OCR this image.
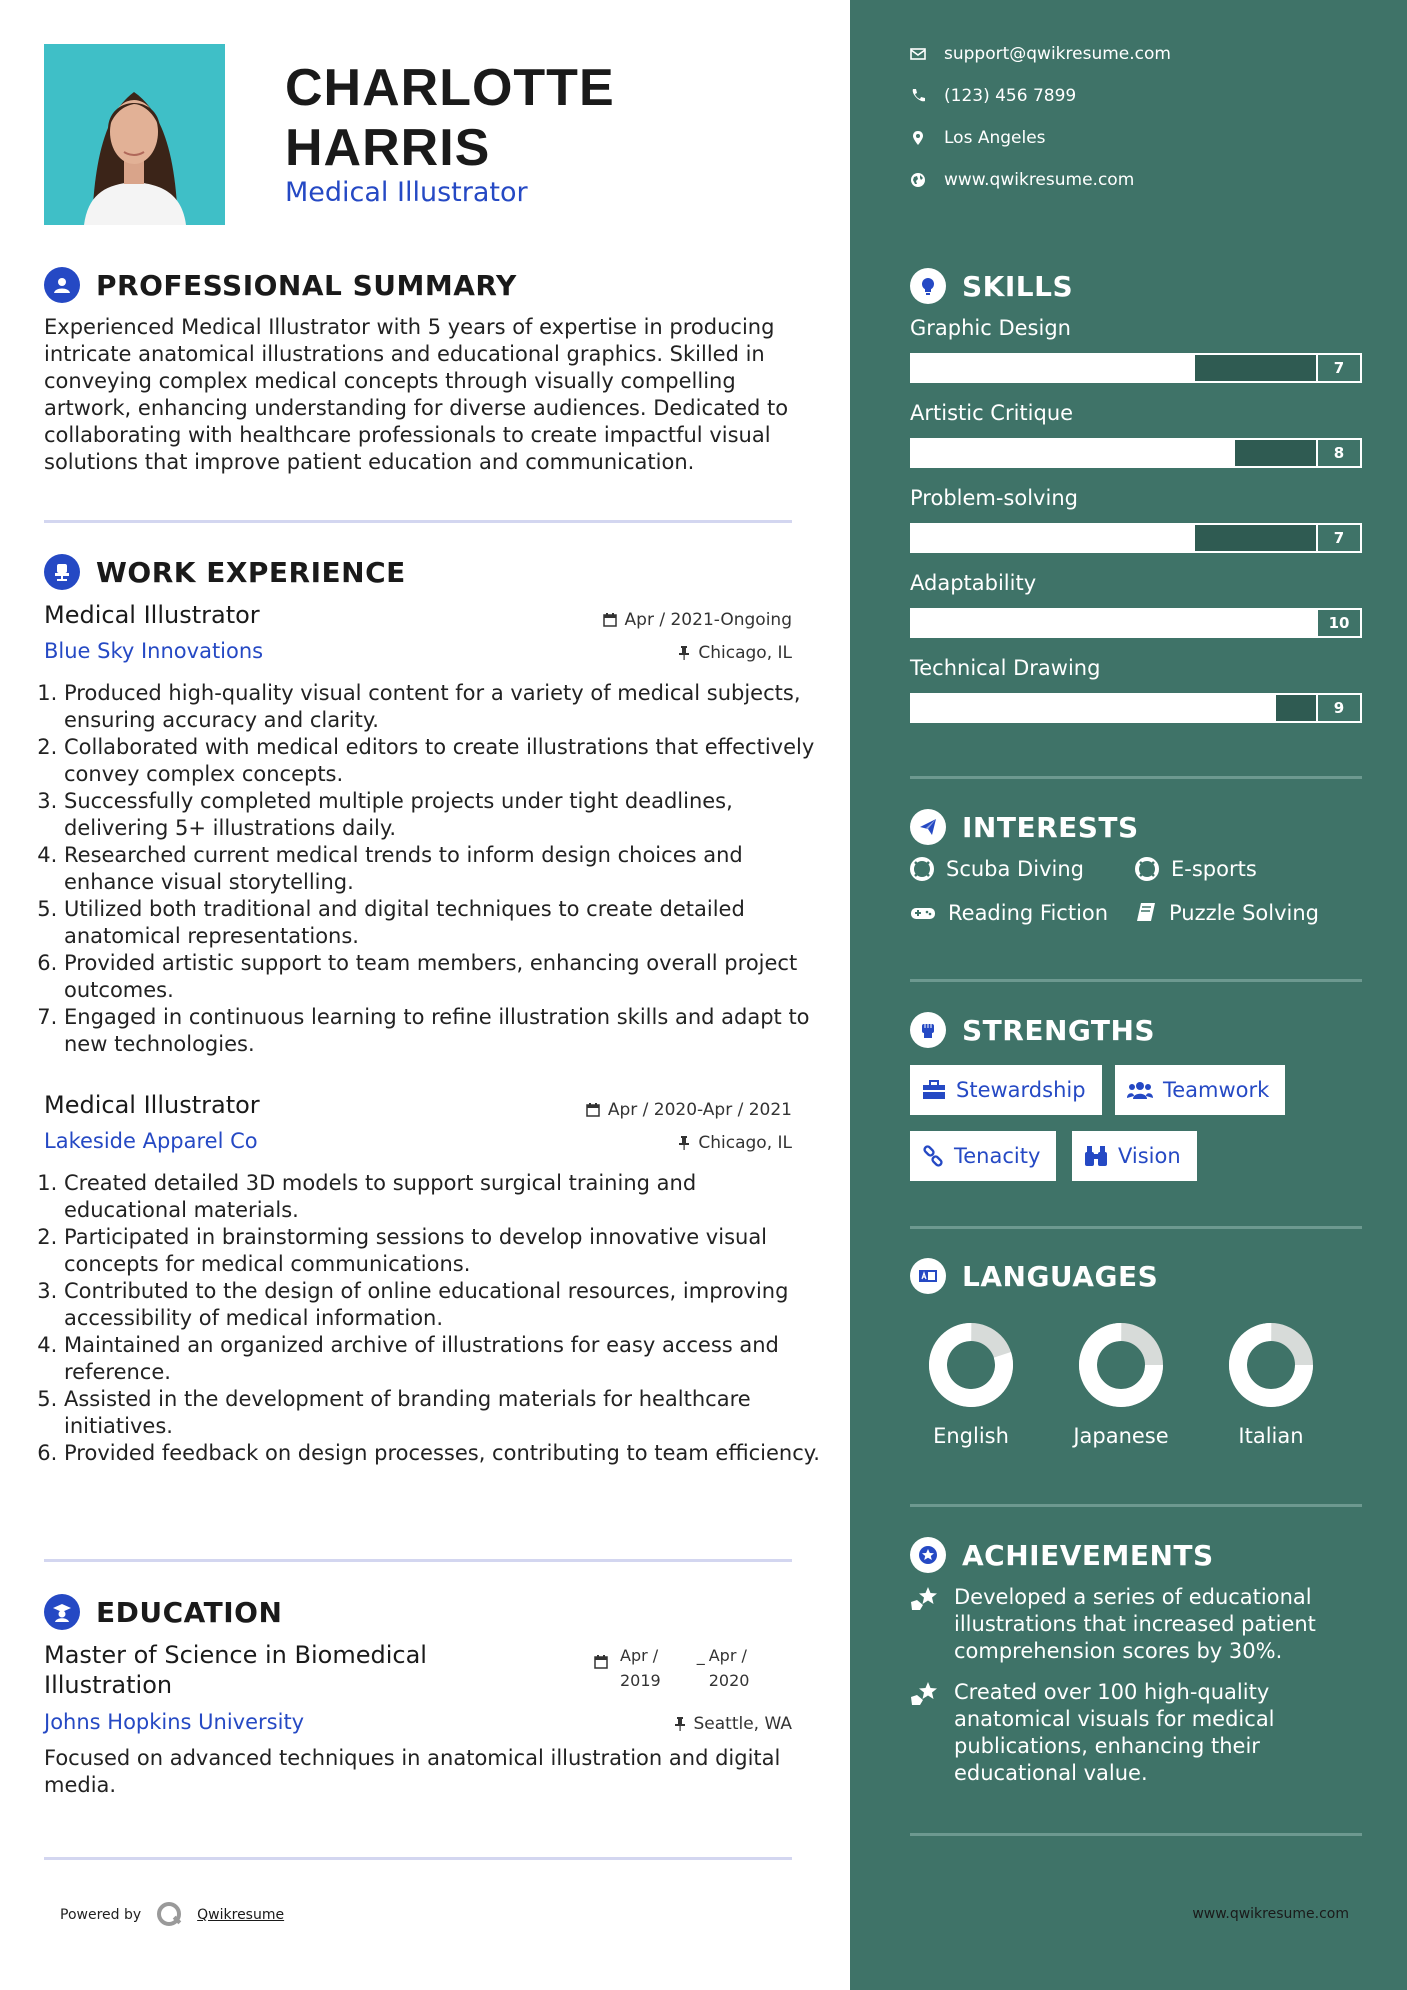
CHARLOTTE
HARRIS
Medical Illustrator
PROFESSIONAL SUMMARY
Experienced Medical Illustrator with 5 years of expertise in producing intricate anatomical illustrations and educational graphics. Skilled in conveying complex medical concepts through visually compelling artwork, enhancing understanding for diverse audiences. Dedicated to collaborating with healthcare professionals to create impactful visual solutions that improve patient education and communication.
WORK EXPERIENCE
Medical Illustrator	Apr / 2021-Ongoing
Blue Sky Innovations	Chicago, IL
1. Produced high-quality visual content for a variety of medical subjects, ensuring accuracy and clarity.
2. Collaborated with medical editors to create illustrations that effectively convey complex concepts.
3. Successfully completed multiple projects under tight deadlines, delivering 5+ illustrations daily.
4. Researched current medical trends to inform design choices and enhance visual storytelling.
5. Utilized both traditional and digital techniques to create detailed anatomical representations.
6. Provided artistic support to team members, enhancing overall project outcomes.
7. Engaged in continuous learning to refine illustration skills and adapt to new technologies.
Medical Illustrator	Apr / 2020-Apr / 2021
Lakeside Apparel Co	Chicago, IL
1. Created detailed 3D models to support surgical training and educational materials.
2. Participated in brainstorming sessions to develop innovative visual concepts for medical communications.
3. Contributed to the design of online educational resources, improving accessibility of medical information.
4. Maintained an organized archive of illustrations for easy access and reference.
5. Assisted in the development of branding materials for healthcare initiatives.
6. Provided feedback on design processes, contributing to team efficiency.
EDUCATION
Master of Science in Biomedical Illustration
Apr /
2019
_ Apr /
2020
Johns Hopkins University	Seattle, WA
Focused on advanced techniques in anatomical illustration and digital media.
Powered by	Qwikresume
support@qwikresume.com
(123) 456 7899
Los Angeles
www.qwikresume.com
SKILLS
Graphic Design
7
Artistic Critique
8
Problem-solving
7
Adaptability
10
Technical Drawing
9
INTERESTS
Scuba Diving	E-sports
Reading Fiction	Puzzle Solving
STRENGTHS
Stewardship	Teamwork
Tenacity	Vision
LANGUAGES
English	Japanese	Italian
ACHIEVEMENTS
Developed a series of educational illustrations that increased patient comprehension scores by 30%.
Created over 100 high-quality anatomical visuals for medical publications, enhancing their educational value.
www.qwikresume.com
